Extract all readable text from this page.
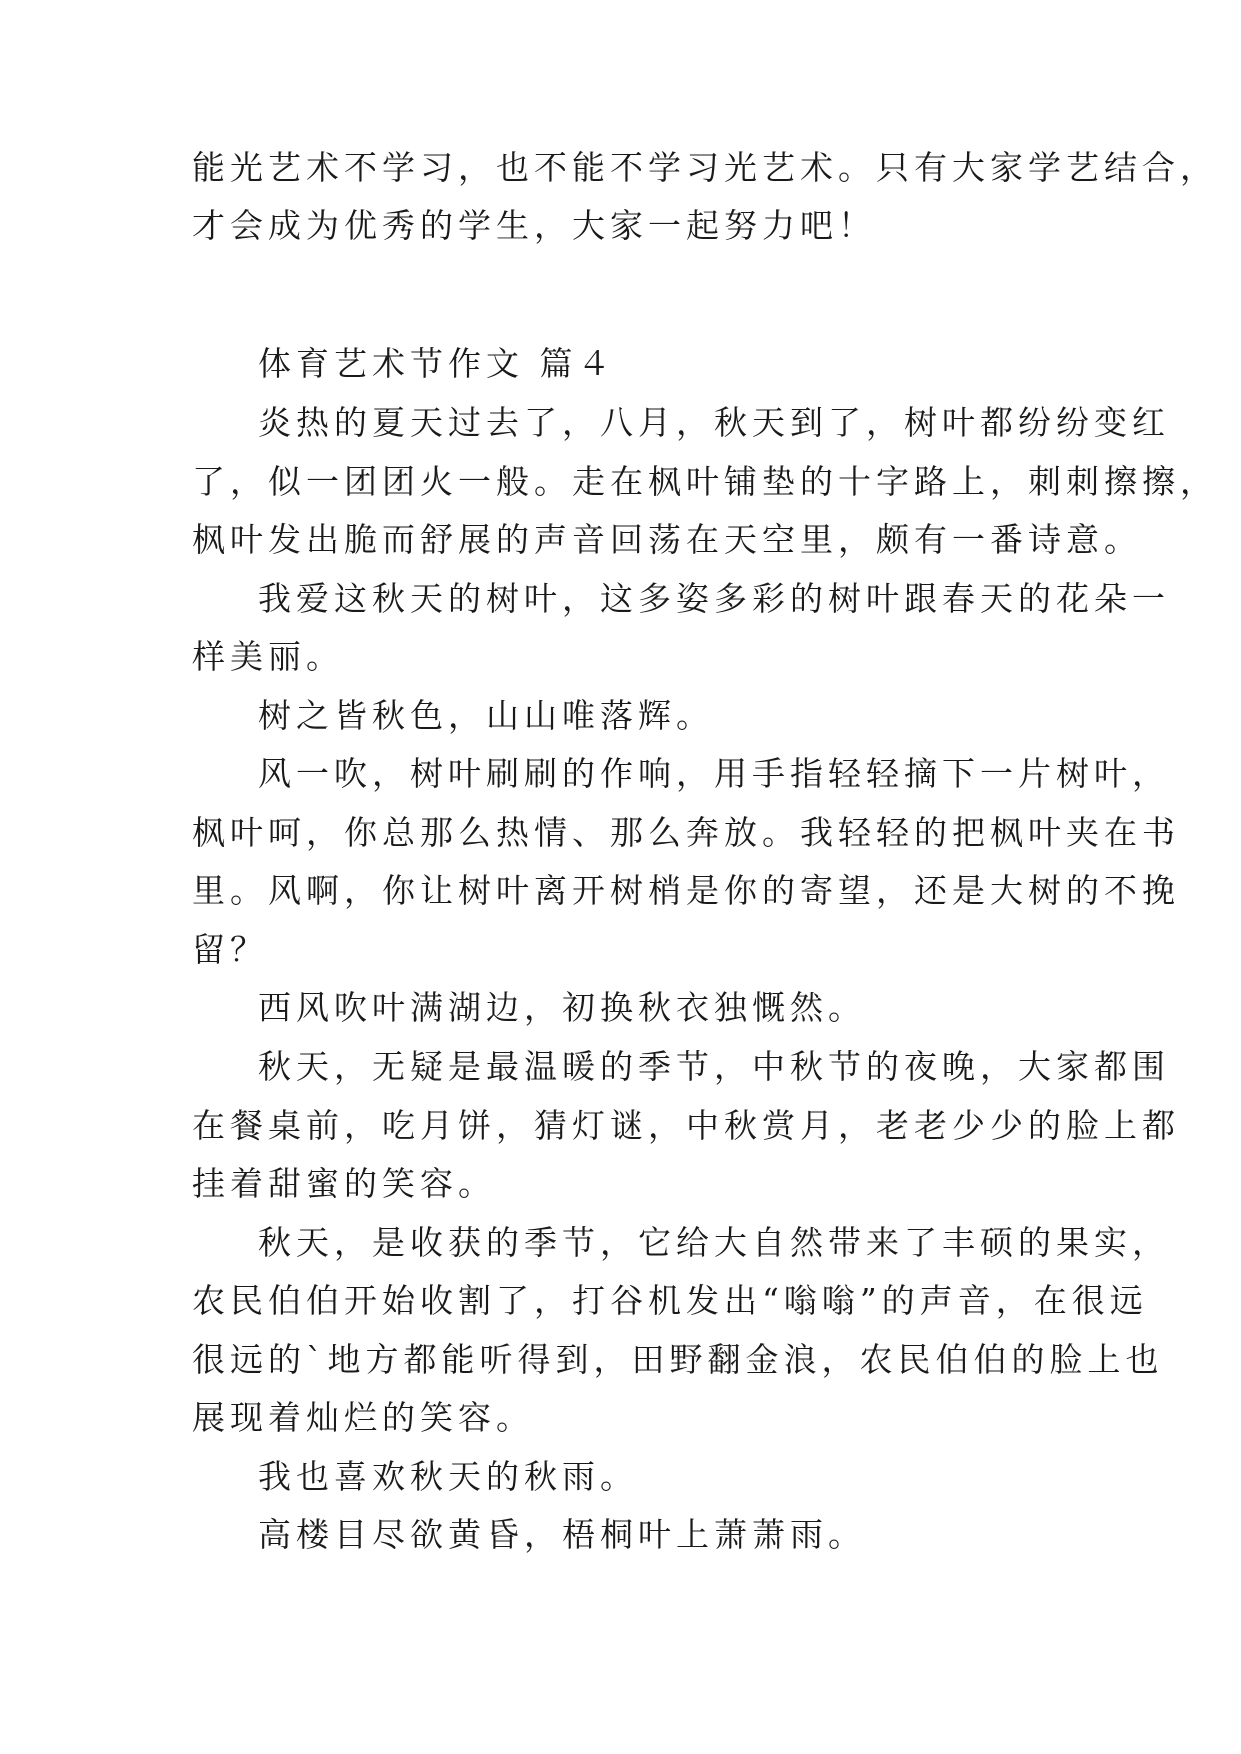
能光艺术不学习，也不能不学习光艺术。只有大家学艺结合，
才会成为优秀的学生，大家一起努力吧！
体育艺术节作文 篇４
炎热的夏天过去了，八月，秋天到了，树叶都纷纷变红
了，似一团团火一般。走在枫叶铺垫的十字路上，刺刺擦擦，
枫叶发出脆而舒展的声音回荡在天空里，颇有一番诗意。
我爱这秋天的树叶，这多姿多彩的树叶跟春天的花朵一
样美丽。
树之皆秋色，山山唯落辉。
风一吹，树叶刷刷的作响，用手指轻轻摘下一片树叶，
枫叶呵，你总那么热情、那么奔放。我轻轻的把枫叶夹在书
里。风啊，你让树叶离开树梢是你的寄望，还是大树的不挽
留？
西风吹叶满湖边，初换秋衣独慨然。
秋天，无疑是最温暖的季节，中秋节的夜晚，大家都围
在餐桌前，吃月饼，猜灯谜，中秋赏月，老老少少的脸上都
挂着甜蜜的笑容。
秋天，是收获的季节，它给大自然带来了丰硕的果实，
农民伯伯开始收割了，打谷机发出“嗡嗡”的声音，在很远
很远的`地方都能听得到，田野翻金浪，农民伯伯的脸上也
展现着灿烂的笑容。
我也喜欢秋天的秋雨。
高楼目尽欲黄昏，梧桐叶上萧萧雨。
